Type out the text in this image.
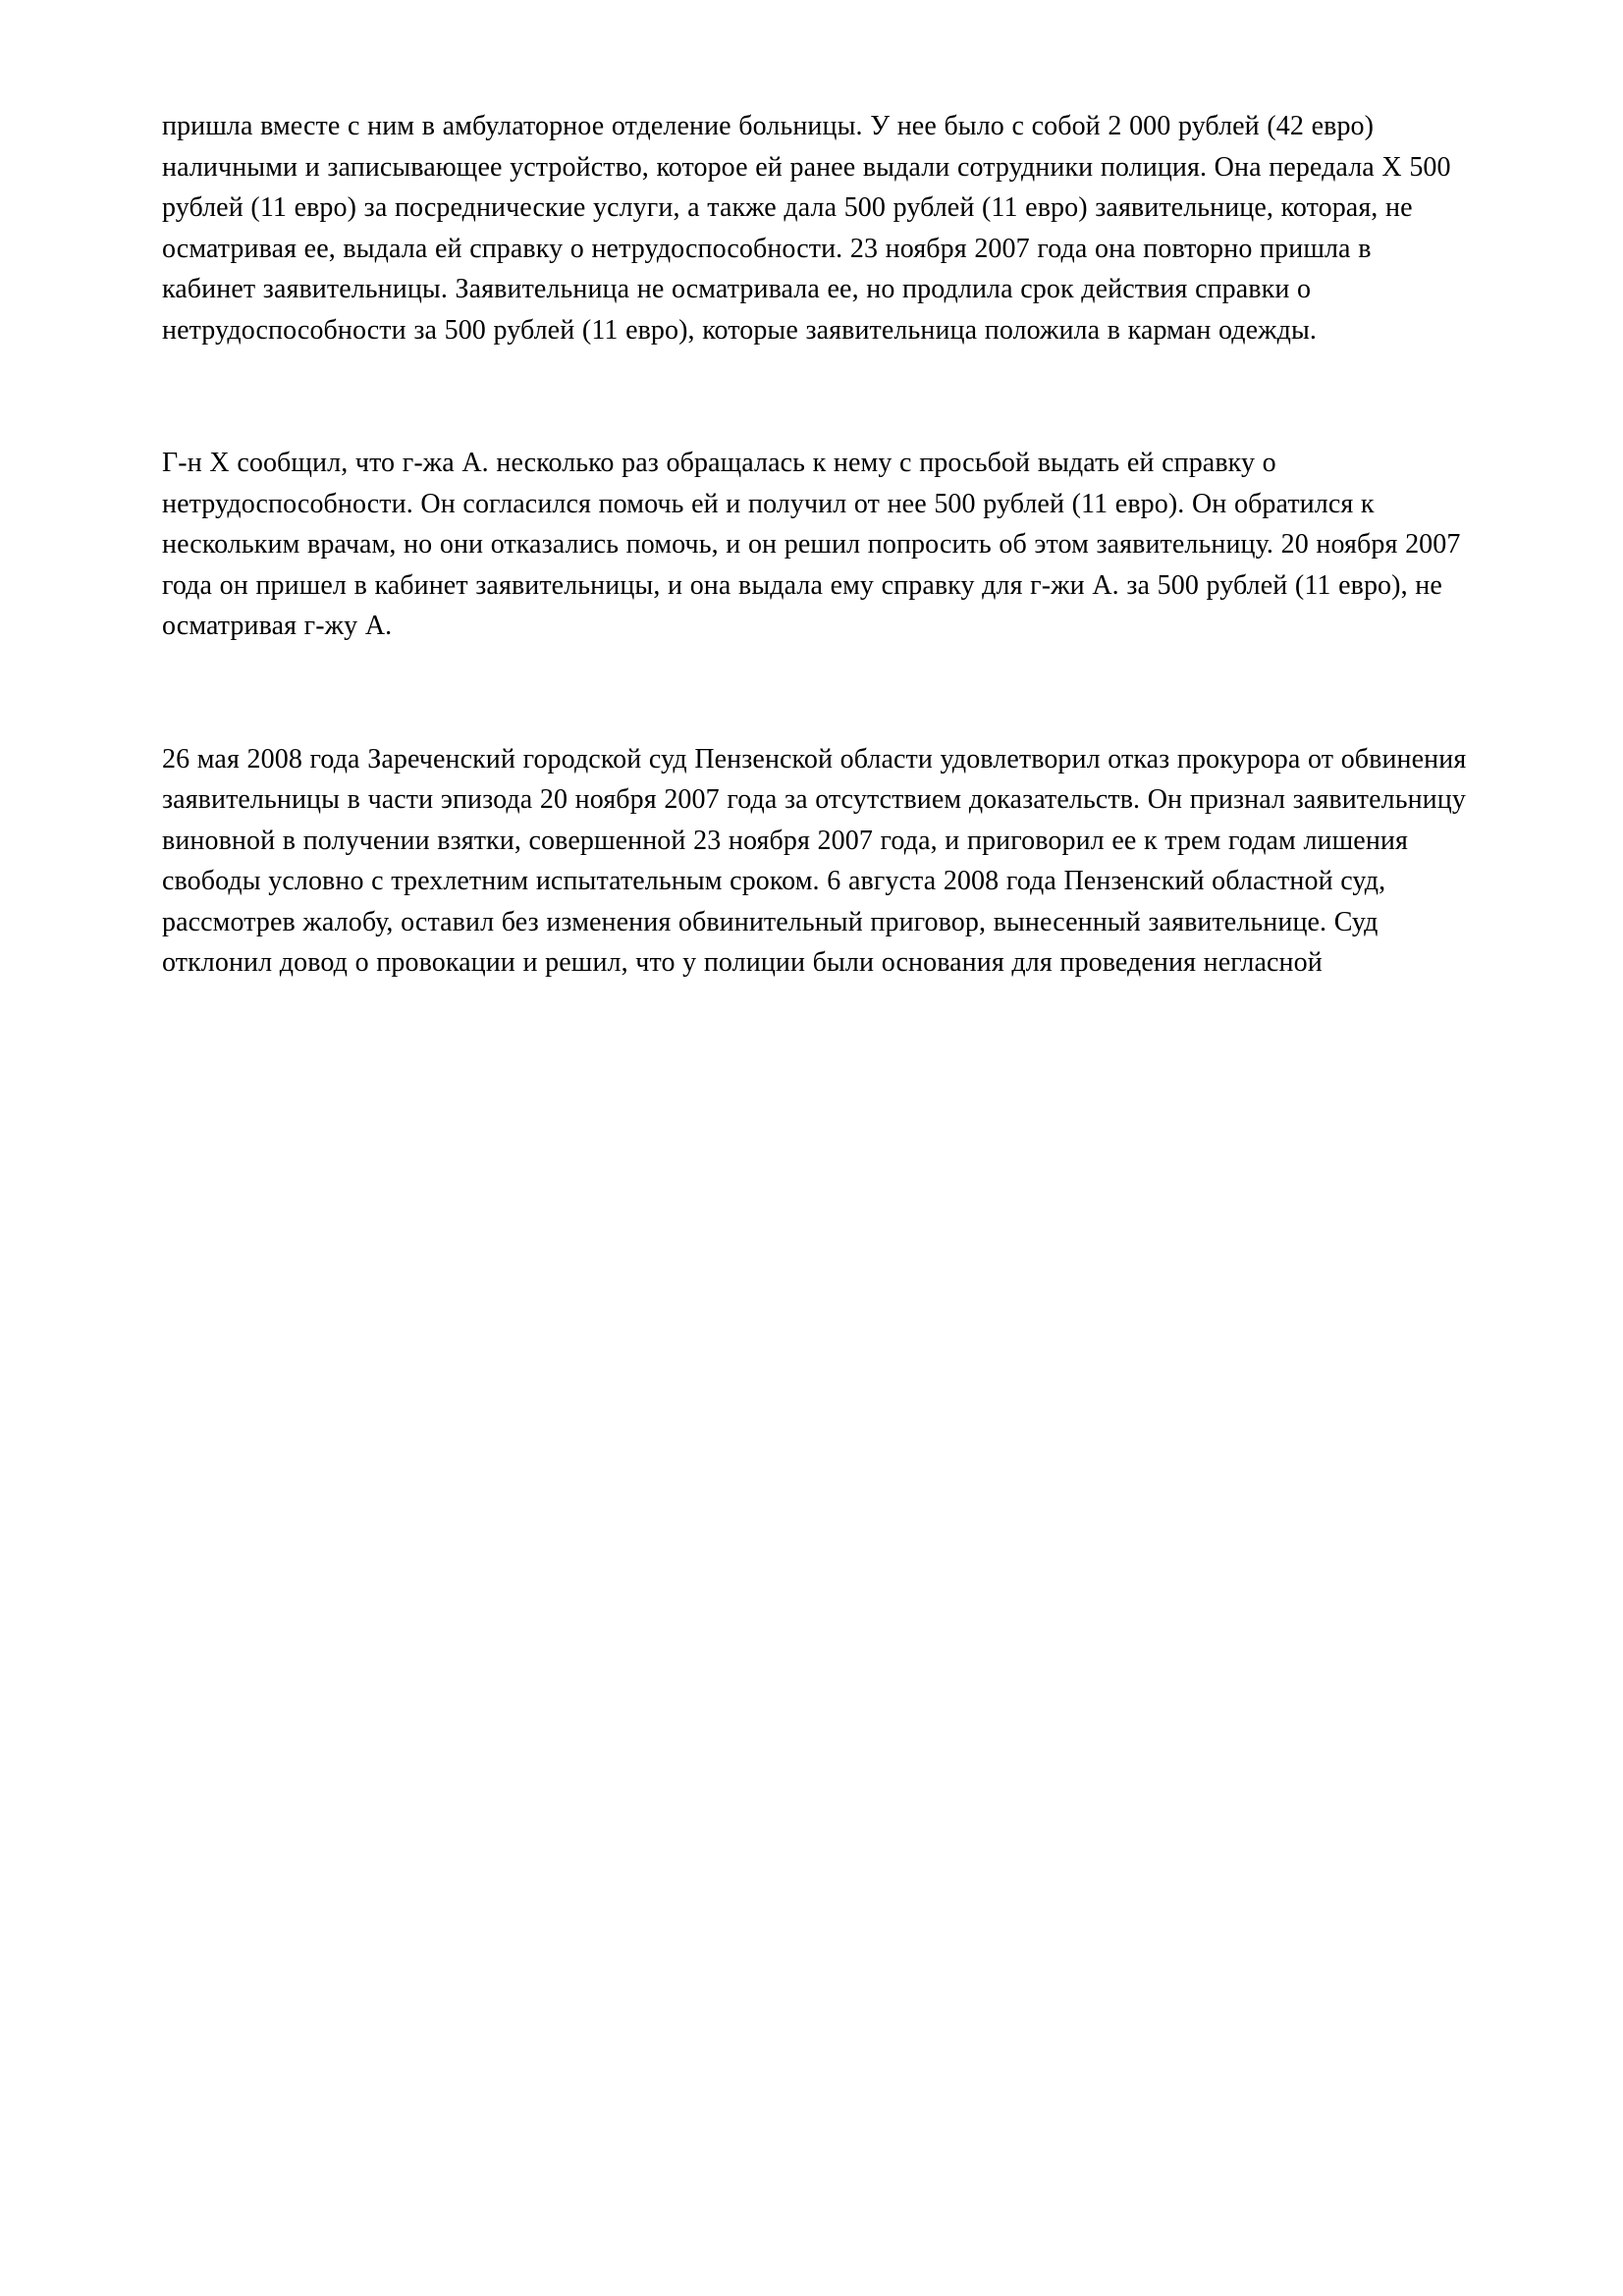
пришла вместе с ним в амбулаторное отделение больницы. У нее было с собой 2 000 рублей (42 евро) наличными и записывающее устройство, которое ей ранее выдали сотрудники полиция. Она передала X 500 рублей (11 евро) за посреднические услуги, а также дала 500 рублей (11 евро) заявительнице, которая, не осматривая ее, выдала ей справку о нетрудоспособности. 23 ноября 2007 года она повторно пришла в кабинет заявительницы. Заявительница не осматривала ее, но продлила срок действия справки о нетрудоспособности за 500 рублей (11 евро), которые заявительница положила в карман одежды.

Г-н X сообщил, что г-жа А. несколько раз обращалась к нему с просьбой выдать ей справку о нетрудоспособности. Он согласился помочь ей и получил от нее 500 рублей (11 евро). Он обратился к нескольким врачам, но они отказались помочь, и он решил попросить об этом заявительницу. 20 ноября 2007 года он пришел в кабинет заявительницы, и она выдала ему справку для г-жи А. за 500 рублей (11 евро), не осматривая г-жу А.

26 мая 2008 года Зареченский городской суд Пензенской области удовлетворил отказ прокурора от обвинения заявительницы в части эпизода 20 ноября 2007 года за отсутствием доказательств. Он признал заявительницу виновной в получении взятки, совершенной 23 ноября 2007 года, и приговорил ее к трем годам лишения свободы условно с трехлетним испытательным сроком. 6 августа 2008 года Пензенский областной суд, рассмотрев жалобу, оставил без изменения обвинительный приговор, вынесенный заявительнице. Суд отклонил довод о провокации и решил, что у полиции были основания для проведения негласной
